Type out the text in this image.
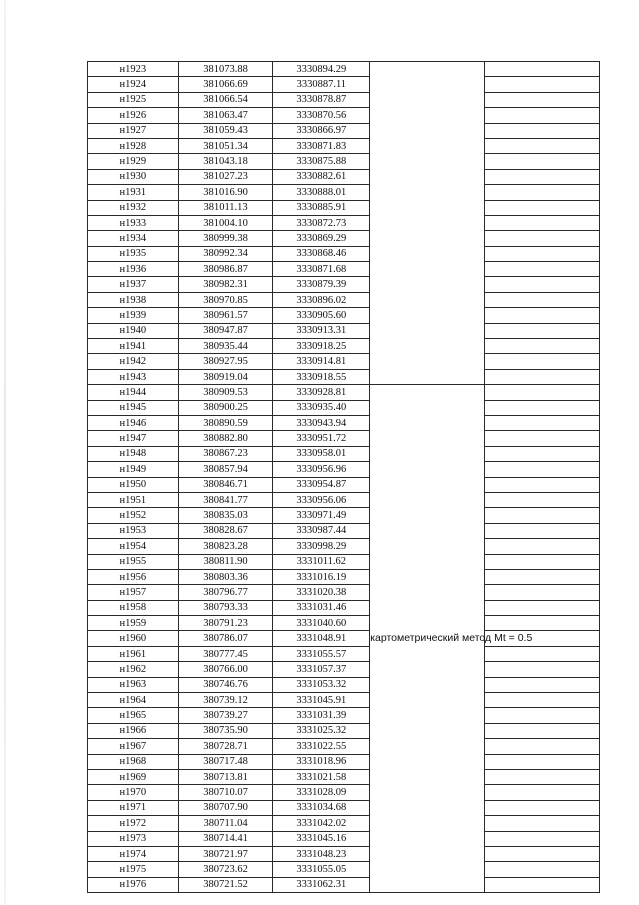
н1923	381073.88	3330894.29		
н1924	381066.69	3330887.11		
н1925	381066.54	3330878.87		
н1926	381063.47	3330870.56		
н1927	381059.43	3330866.97		
н1928	381051.34	3330871.83		
н1929	381043.18	3330875.88		
н1930	381027.23	3330882.61		
н1931	381016.90	3330888.01		
н1932	381011.13	3330885.91		
н1933	381004.10	3330872.73		
н1934	380999.38	3330869.29		
н1935	380992.34	3330868.46		
н1936	380986.87	3330871.68		
н1937	380982.31	3330879.39		
н1938	380970.85	3330896.02		
н1939	380961.57	3330905.60		
н1940	380947.87	3330913.31		
н1941	380935.44	3330918.25		
н1942	380927.95	3330914.81		
н1943	380919.04	3330918.55		
н1944	380909.53	3330928.81	картометрический метод Mt = 0.5	
н1945	380900.25	3330935.40		
н1946	380890.59	3330943.94		
н1947	380882.80	3330951.72		
н1948	380867.23	3330958.01		
н1949	380857.94	3330956.96		
н1950	380846.71	3330954.87		
н1951	380841.77	3330956.06		
н1952	380835.03	3330971.49		
н1953	380828.67	3330987.44		
н1954	380823.28	3330998.29		
н1955	380811.90	3331011.62		
н1956	380803.36	3331016.19		
н1957	380796.77	3331020.38		
н1958	380793.33	3331031.46		
н1959	380791.23	3331040.60		
н1960	380786.07	3331048.91		
н1961	380777.45	3331055.57		
н1962	380766.00	3331057.37		
н1963	380746.76	3331053.32		
н1964	380739.12	3331045.91		
н1965	380739.27	3331031.39		
н1966	380735.90	3331025.32		
н1967	380728.71	3331022.55		
н1968	380717.48	3331018.96		
н1969	380713.81	3331021.58		
н1970	380710.07	3331028.09		
н1971	380707.90	3331034.68		
н1972	380711.04	3331042.02		
н1973	380714.41	3331045.16		
н1974	380721.97	3331048.23		
н1975	380723.62	3331055.05		
н1976	380721.52	3331062.31		
